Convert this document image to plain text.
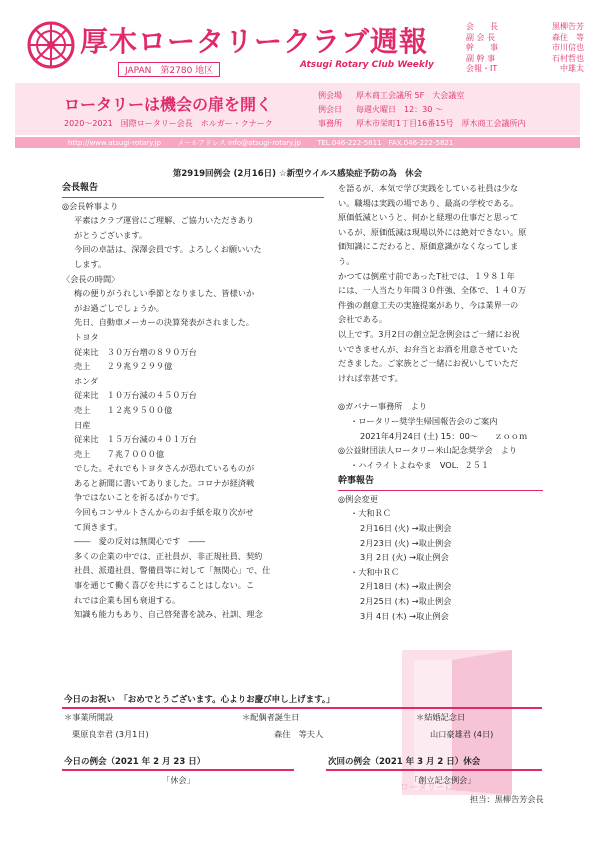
厚木ロータリークラブ週報
JAPAN　第2780 地区
Atsugi Rotary Club Weekly
会　　長	黒柳告芳
副 会 長	森住　等
幹　　事	市川信也
副 幹 事	石村哲也
会報・IT	中雄太
ロータリーは機会の扉を開く
2020～2021　国際ロータリー会長　ホルガー・クナーク
例会場	厚木商工会議所 5F　大会議室
例会日	毎週火曜日　12：30 ～
事務所	厚木市栄町1丁目16番15号　厚木商工会議所内
http://www.atsugi-rotary.jp メールアドレス info@atsugi-rotary.jp TEL.046-222-5811　FAX.046-222-5821
第2919回例会 (2月16日) ☆新型ウイルス感染症予防の為　休会
ロータリーは機
会長報告

◎会長幹事より

平素はクラブ運営にご理解、ご協力いただきあり

がとうございます。

今回の卓話は、深澤会員です。よろしくお願いいた

します。

〈会長の時間〉

梅の便りがうれしい季節となりました、皆様いか

がお過ごしでしょうか。

先日、自動車メーカーの決算発表がされました。

トヨタ

従来比　３０万台増の８９０万台

売上　　２９兆９２９９億

ホンダ

従来比　１０万台減の４５０万台

売上　　１２兆９５００億

日産

従来比　１５万台減の４０１万台

売上　　７兆７０００億

でした。それでもトヨタさんが恐れているものが

あると新聞に書いてありました。コロナが経済戦

争ではないことを祈るばかりです。

今回もコンサルトさんからのお手紙を取り次がせ

て頂きます。

――　愛の反対は無関心です　――

多くの企業の中では、正社員が、非正規社員、契約

社員、派遣社員、警備員等に対して「無関心」で、仕

事を通じて働く喜びを共にすることはしない。こ

れでは企業も国も衰退する。

知識も能力もあり、自己啓発書を読み、社訓、理念

を語るが、本気で学び実践をしている社員は少な

い。職場は実践の場であり、最高の学校である。

原価低減というと、何かと経理の仕事だと思って

いるが、原価低減は現場以外には絶対できない。原

価知識にこだわると、原価意識がなくなってしま

う。

かつては倒産寸前であったT社では、１９８１年

には、一人当たり年間３０件強、全体で、１４０万

件強の創意工夫の実施提案があり、今は業界一の

会社である。

以上です。3月2日の創立記念例会はご一緒にお祝

いできませんが、お弁当とお酒を用意させていた

だきました。ご家族とご一緒にお祝いしていただ

ければ幸甚です。

◎ガバナー事務所　より

・ロータリー奨学生帰国報告会のご案内

2021年4月24日 (土) 15：00～　　ｚｏｏｍ

◎公益財団法人ロータリー米山記念奨学会　より

・ハイライトよねやま　VOL．２５１

幹事報告

◎例会変更

・大和ＲＣ

2月16日 (火) →取止例会

2月23日 (火) →取止例会

3月 2日 (火) →取止例会

・大和中ＲＣ

2月18日 (木) →取止例会

2月25日 (木) →取止例会

3月 4日 (木) →取止例会

今日のお祝い　「おめでとうございます。心よりお慶び申し上げます。」
＊事業所開設
栗原良幸君 (3月1日)
＊配偶者誕生日
森住　等夫人
＊結婚記念日
山口豪雄君 (4日)
今日の例会（2021 年 2 月 23 日）
「休会」
次回の例会（2021 年 3 月 2 日）休会
「創立記念例会」
担当：黒柳告芳会長
